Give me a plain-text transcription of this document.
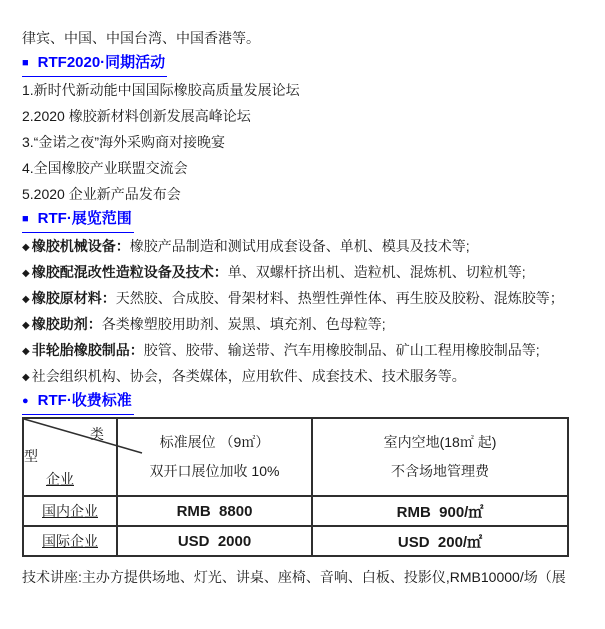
律宾、中国、中国台湾、中国香港等。
■ RTF2020·同期活动
1.新时代新动能中国国际橡胶高质量发展论坛
2.2020 橡胶新材料创新发展高峰论坛
3.“金诺之夜”海外采购商对接晚宴
4.全国橡胶产业联盟交流会
5.2020 企业新产品发布会
■ RTF·展览范围
◆ 橡胶机械设备：橡胶产品制造和测试用成套设备、单机、模具及技术等;
◆ 橡胶配混改性造粒设备及技术：单、双螺杆挤出机、造粒机、混炼机、切粒机等;
◆ 橡胶原材料：天然胶、合成胶、骨架材料、热塑性弹性体、再生胶及胶粉、混炼胶等；
◆ 橡胶助剂：各类橡塑胶用助剂、炭黑、填充剂、色母粒等;
◆ 非轮胎橡胶制品：胶管、胶带、输送带、汽车用橡胶制品、矿山工程用橡胶制品等;
◆ 社会组织机构、协会，各类媒体，应用软件、成套技术、技术服务等。
● RTF·收费标准
类
型
企业

标准展位 （9㎡）
双开口展位加收 10%

室内空地(18㎡ 起)
不含场地管理费

国内企业	RMB  8800	RMB  900/㎡
国际企业	USD  2000	USD  200/㎡
技术讲座:主办方提供场地、灯光、讲桌、座椅、音响、白板、投影仪,RMB10000/场（展
